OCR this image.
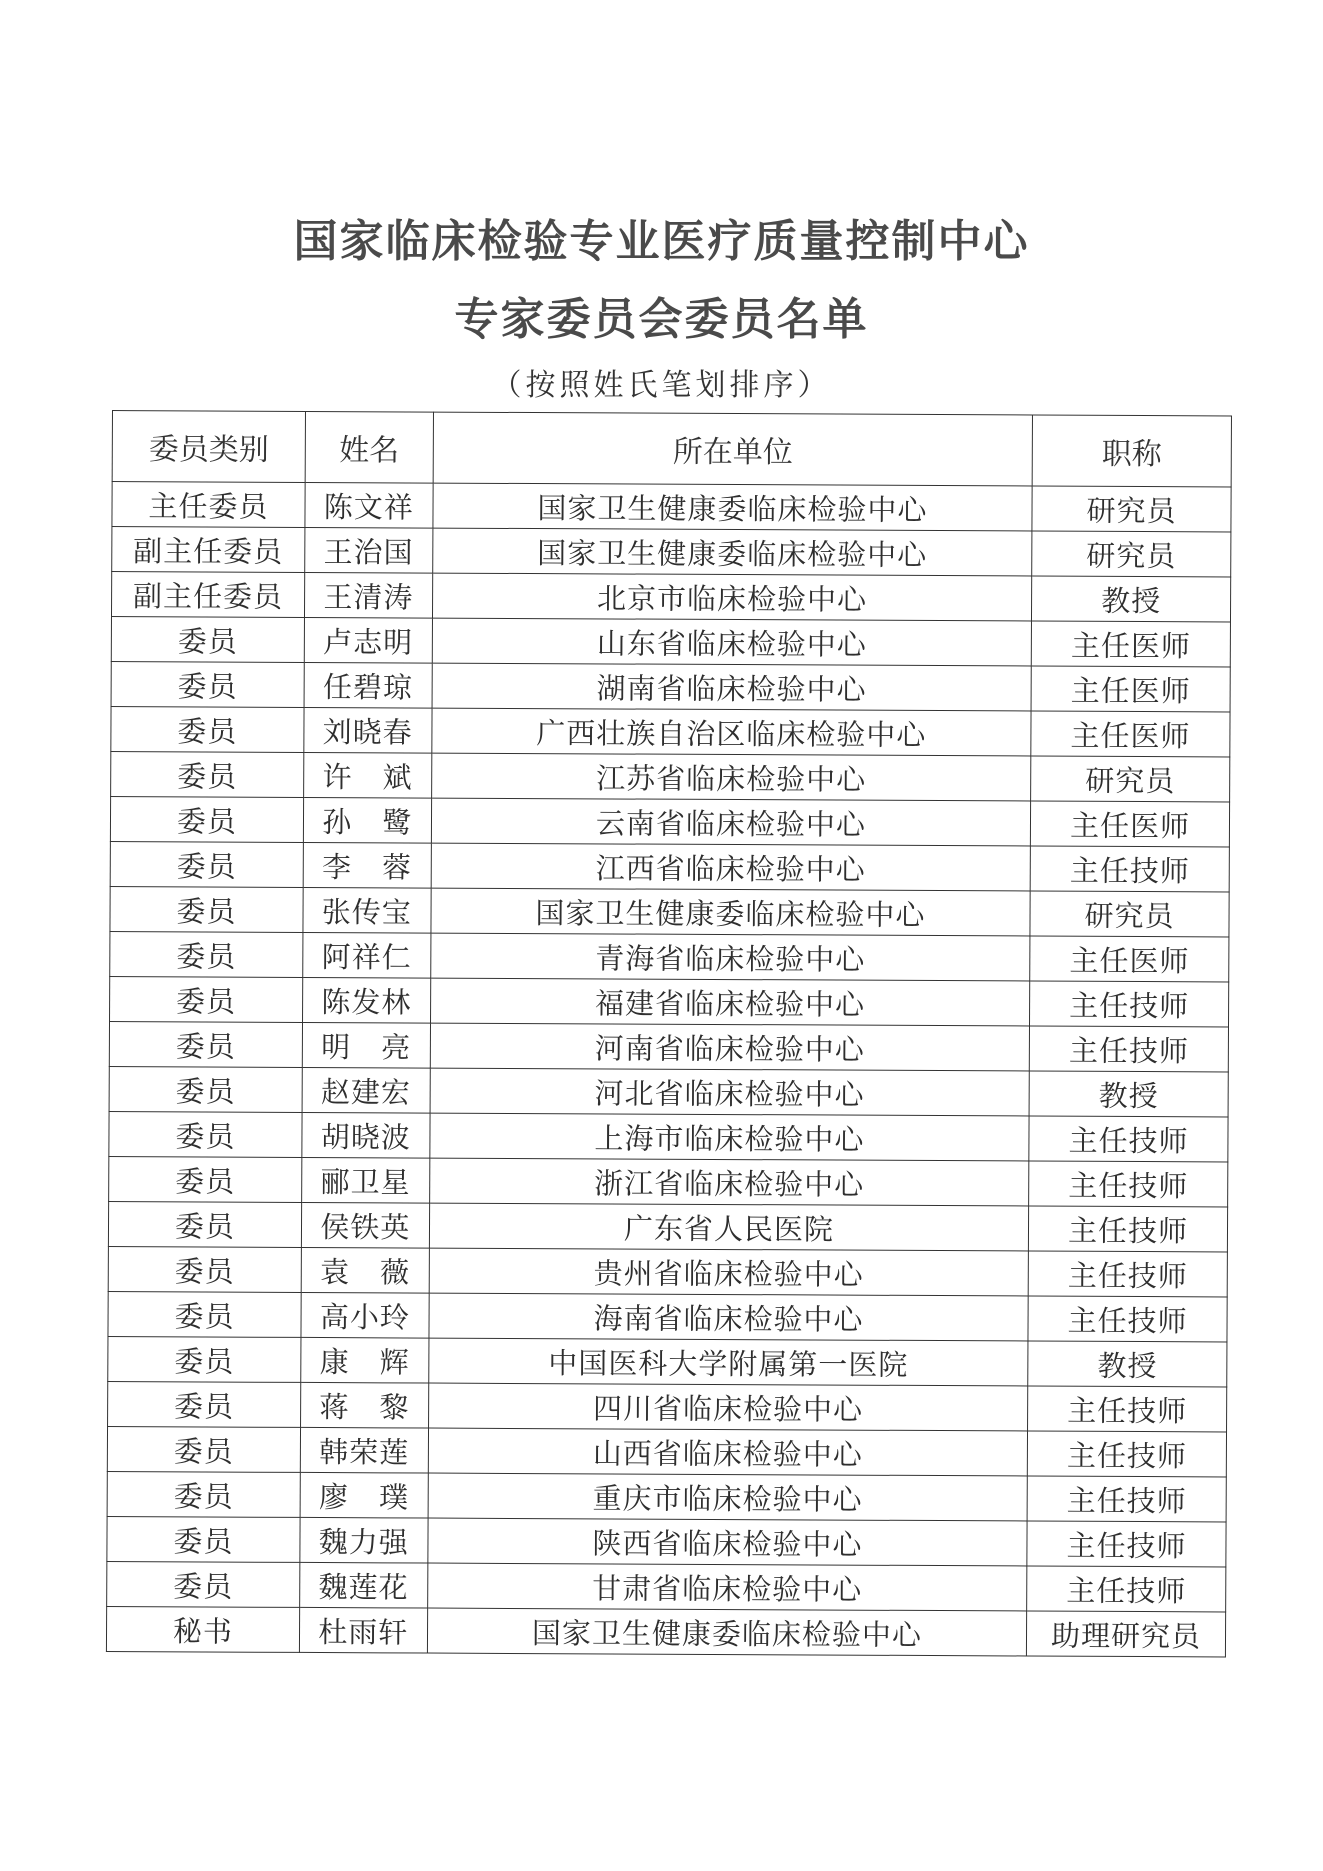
国家临床检验专业医疗质量控制中心
专家委员会委员名单
（按照姓氏笔划排序）
委员类别	姓名	所在单位	职称
主任委员	陈文祥	国家卫生健康委临床检验中心	研究员
副主任委员	王治国	国家卫生健康委临床检验中心	研究员
副主任委员	王清涛	北京市临床检验中心	教授
委员	卢志明	山东省临床检验中心	主任医师
委员	任碧琼	湖南省临床检验中心	主任医师
委员	刘晓春	广西壮族自治区临床检验中心	主任医师
委员	许　斌	江苏省临床检验中心	研究员
委员	孙　鹭	云南省临床检验中心	主任医师
委员	李　蓉	江西省临床检验中心	主任技师
委员	张传宝	国家卫生健康委临床检验中心	研究员
委员	阿祥仁	青海省临床检验中心	主任医师
委员	陈发林	福建省临床检验中心	主任技师
委员	明　亮	河南省临床检验中心	主任技师
委员	赵建宏	河北省临床检验中心	教授
委员	胡晓波	上海市临床检验中心	主任技师
委员	郦卫星	浙江省临床检验中心	主任技师
委员	侯铁英	广东省人民医院	主任技师
委员	袁　薇	贵州省临床检验中心	主任技师
委员	高小玲	海南省临床检验中心	主任技师
委员	康　辉	中国医科大学附属第一医院	教授
委员	蒋　黎	四川省临床检验中心	主任技师
委员	韩荣莲	山西省临床检验中心	主任技师
委员	廖　璞	重庆市临床检验中心	主任技师
委员	魏力强	陕西省临床检验中心	主任技师
委员	魏莲花	甘肃省临床检验中心	主任技师
秘书	杜雨轩	国家卫生健康委临床检验中心	助理研究员
